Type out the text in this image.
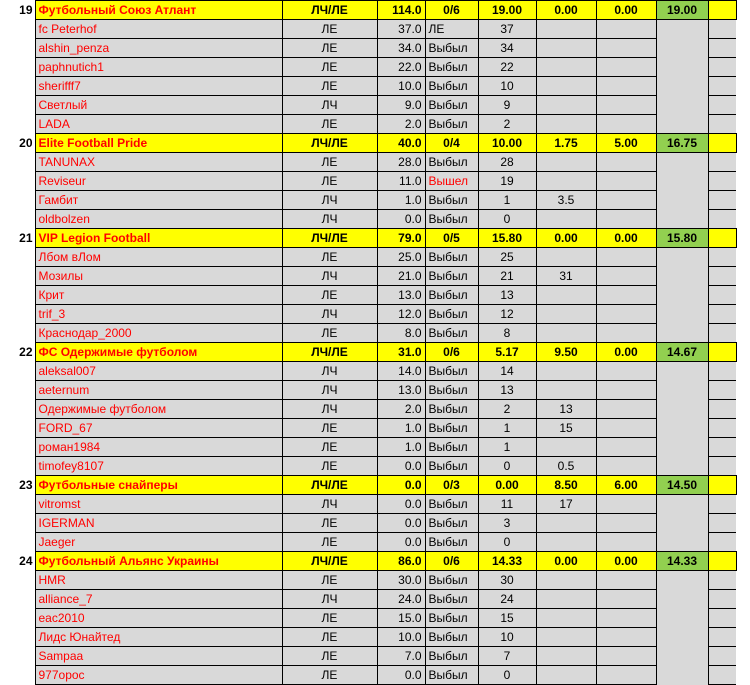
19	Футбольный Союз Атлант	ЛЧ/ЛЕ	114.0	0/6	19.00	0.00	0.00	19.00	
	fc Peterhof	ЛЕ	37.0	ЛЕ	37				
	alshin_penza	ЛЕ	34.0	Выбыл	34				
	paphnutich1	ЛЕ	22.0	Выбыл	22				
	sherifff7	ЛЕ	10.0	Выбыл	10				
	Светлый	ЛЧ	9.0	Выбыл	9				
	LADA	ЛЕ	2.0	Выбыл	2				
20	Elite Football Pride	ЛЧ/ЛЕ	40.0	0/4	10.00	1.75	5.00	16.75	
	TANUNAX	ЛЕ	28.0	Выбыл	28				
	Reviseur	ЛЕ	11.0	Вышел	19				
	Гамбит	ЛЧ	1.0	Выбыл	1	3.5			
	oldbolzen	ЛЧ	0.0	Выбыл	0				
21	VIP Legion Football	ЛЧ/ЛЕ	79.0	0/5	15.80	0.00	0.00	15.80	
	Лбом вЛом	ЛЕ	25.0	Выбыл	25				
	Мозилы	ЛЧ	21.0	Выбыл	21	31			
	Крит	ЛЕ	13.0	Выбыл	13				
	trif_3	ЛЧ	12.0	Выбыл	12				
	Краснодар_2000	ЛЕ	8.0	Выбыл	8				
22	ФС Одержимые футболом	ЛЧ/ЛЕ	31.0	0/6	5.17	9.50	0.00	14.67	
	aleksal007	ЛЧ	14.0	Выбыл	14				
	aeternum	ЛЧ	13.0	Выбыл	13				
	Одержимые футболом	ЛЧ	2.0	Выбыл	2	13			
	FORD_67	ЛЕ	1.0	Выбыл	1	15			
	роман1984	ЛЕ	1.0	Выбыл	1				
	timofey8107	ЛЕ	0.0	Выбыл	0	0.5			
23	Футбольные снайперы	ЛЧ/ЛЕ	0.0	0/3	0.00	8.50	6.00	14.50	
	vitromst	ЛЧ	0.0	Выбыл	11	17			
	IGERMAN	ЛЕ	0.0	Выбыл	3				
	Jaeger	ЛЕ	0.0	Выбыл	0				
24	Футбольный Альянс Украины	ЛЧ/ЛЕ	86.0	0/6	14.33	0.00	0.00	14.33	
	HMR	ЛЕ	30.0	Выбыл	30				
	alliance_7	ЛЧ	24.0	Выбыл	24				
	eac2010	ЛЕ	15.0	Выбыл	15				
	Лидс Юнайтед	ЛЕ	10.0	Выбыл	10				
	Sampaa	ЛЕ	7.0	Выбыл	7				
	977opoc	ЛЕ	0.0	Выбыл	0				
